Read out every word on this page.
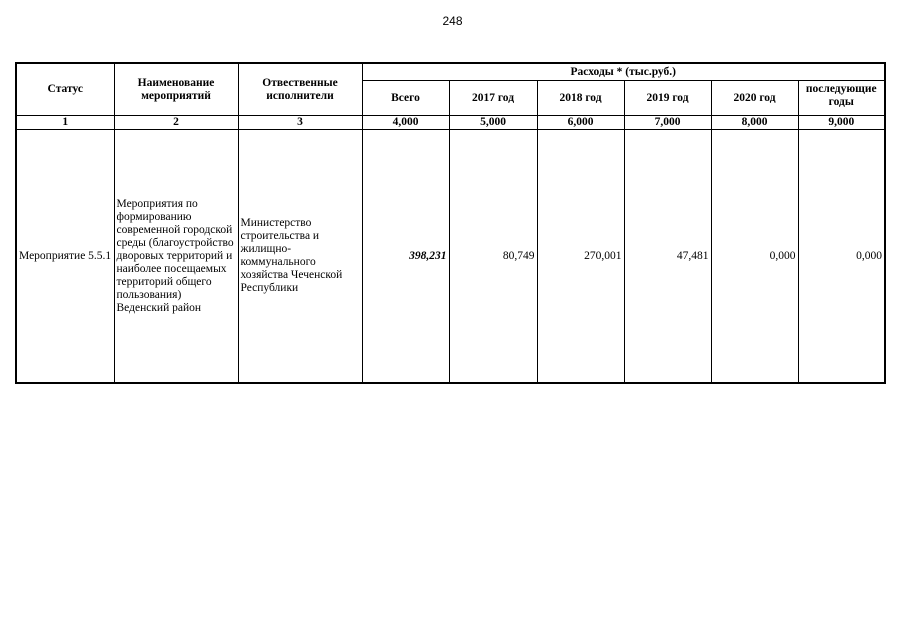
248
Статус	Наименование мероприятий	Отвественные исполнители	Расходы * (тыс.руб.)					
			Всего	2017 год	2018 год	2019 год	2020 год	последующие годы
1	2	3	4,000	5,000	6,000	7,000	8,000	9,000
Мероприятие 5.5.1	Мероприятия по формированию современной городской среды (благоустройство дворовых территорий и наиболее посещаемых территорий общего пользования) Веденский район	Министерство строительства и жилищно-коммунального хозяйства Чеченской Республики	398,231	80,749	270,001	47,481	0,000	0,000
